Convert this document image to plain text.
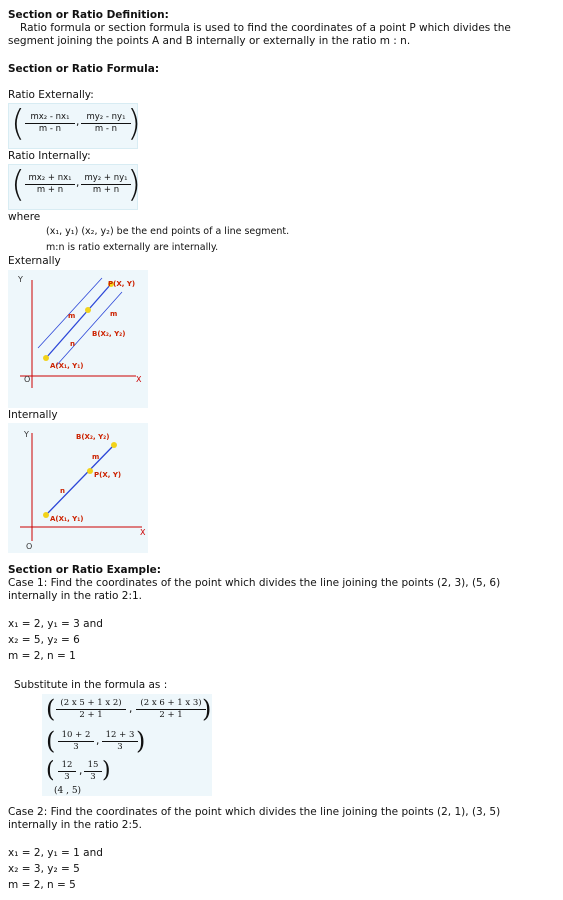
Section or Ratio Definition:
Ratio formula or section formula is used to find the coordinates of a point P which divides the segment joining the points A and B internally or externally in the ratio m : n.
Section or Ratio Formula:
Ratio Externally:
( $\frac{\text{mx₂ - nx₁}}{m - n}$ , $\frac{\text{my₂ - ny₁}}{m - n}$
)
Ratio Internally:
( $\frac{\text{mx₂ + nx₁}}{m + n}$ , $\frac{\text{my₂ + ny₁}}{m + n}$
)
where
(x₁, y₁) (x₂, y₂) be the end points of a line segment.
m:n is ratio externally are internally.
Externally
Y
X
O
A(X₁, Y₁)
B(X₂, Y₂)
P(X, Y)
m
n
m
Internally
Y
X
O
A(X₁, Y₁)
B(X₂, Y₂)
P(X, Y)
m
n
Section or Ratio Example:
Case 1: Find the coordinates of the point which divides the line joining the points (2, 3), (5, 6) internally in the ratio 2:1.
x₁ = 2, y₁ = 3 and
x₂ = 5, y₂ = 6
m = 2, n = 1
Substitute in the formula as :
( $\frac{(2 x 5 + 1 x 2)}{2 + 1}$ , $\frac{(2 x 6 + 1 x 3)}{2 + 1}$
)
( $\frac{10 + 2}{3}$ , $\frac{12 + 3}{3}$
)
( $\frac{12}{3}$ , $\frac{15}{3}$ )
(4 , 5)
Case 2: Find the coordinates of the point which divides the line joining the points (2, 1), (3, 5) internally in the ratio 2:5.
x₁ = 2, y₁ = 1 and
x₂ = 3, y₂ = 5
m = 2, n = 5
